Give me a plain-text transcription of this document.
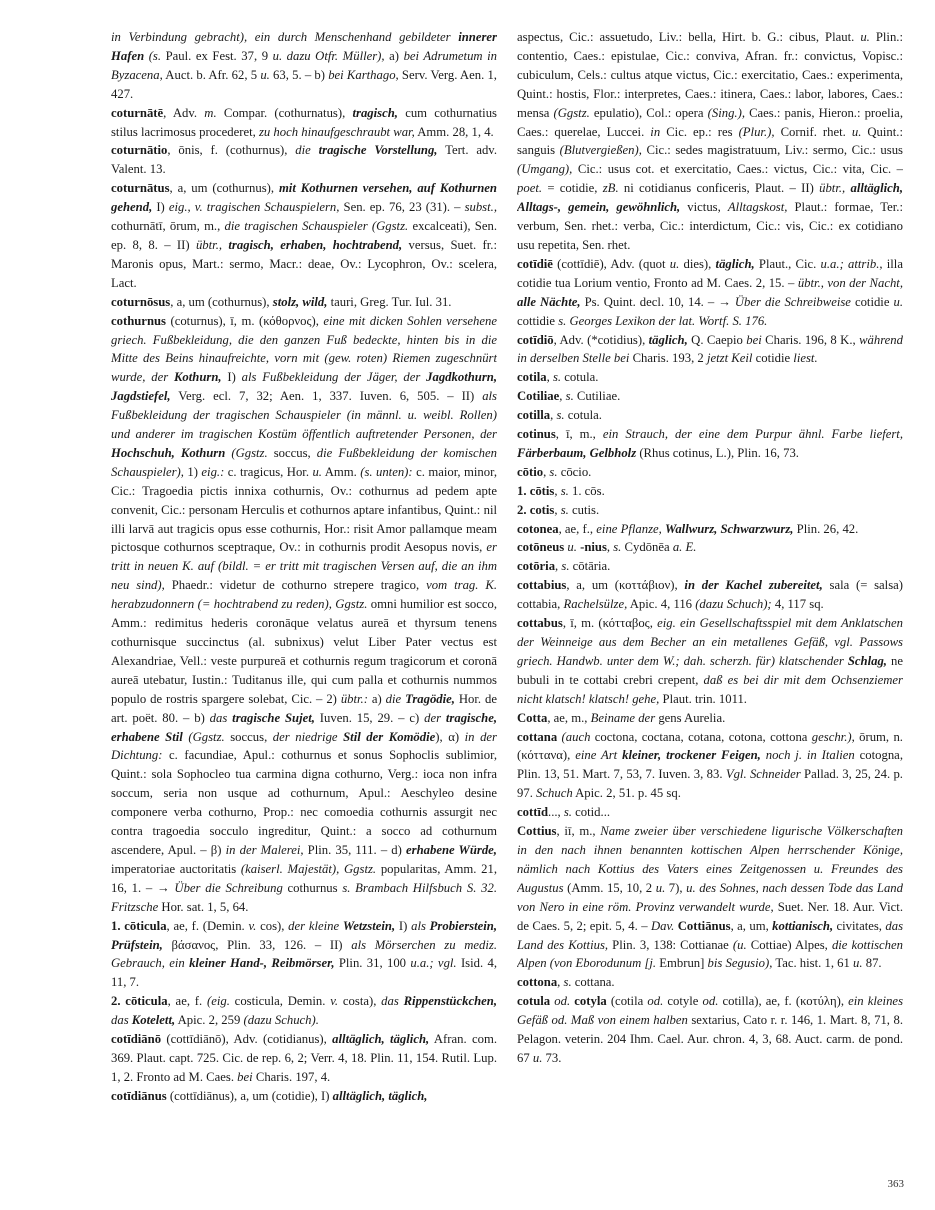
in Verbindung gebracht), ein durch Menschenhand gebildeter innerer Hafen (s. Paul. ex Fest. 37, 9 u. dazu Otfr. Müller), a) bei Adrumetum in Byzacena, Auct. b. Afr. 62, 5 u. 63, 5. – b) bei Karthago, Serv. Verg. Aen. 1, 427.
coturnātē, Adv. m. Compar. (cothurnatus), tragisch, cum cothurnatius stilus lacrimosus procederet, zu hoch hinaufgeschraubt war, Amm. 28, 1, 4.
coturnātio, ōnis, f. (cothurnus), die tragische Vorstellung, Tert. adv. Valent. 13.
coturnātus, a, um (cothurnus), mit Kothurnen versehen, auf Kothurnen gehend, I) eig., v. tragischen Schauspielern, Sen. ep. 76, 23 (31). – subst., cothurnātī, ōrum, m., die tragischen Schauspieler (Ggstz. excalceati), Sen. ep. 8, 8. – II) übtr., tragisch, erhaben, hochtrabend, versus, Suet. fr.: Maronis opus, Mart.: sermo, Macr.: deae, Ov.: Lycophron, Ov.: scelera, Lact.
coturnōsus, a, um (cothurnus), stolz, wild, tauri, Greg. Tur. Iul. 31.
cothurnus (coturnus), ī, m. (κόθορνος), eine mit dicken Sohlen versehene griech. Fußbekleidung, die den ganzen Fuß bedeckte, hinten bis in die Mitte des Beins hinaufreichte, vorn mit (gew. roten) Riemen zugeschnürt wurde, der Kothurn, I) als Fußbekleidung der Jäger, der Jagdkothurn, Jagdstiefel, Verg. ecl. 7, 32; Aen. 1, 337. Iuven. 6, 505. – II) als Fußbekleidung der tragischen Schauspieler (in männl. u. weibl. Rollen) und anderer im tragischen Kostüm öffentlich auftretender Personen, der Hochschuh, Kothurn (Ggstz. soccus, die Fußbekleidung der komischen Schauspieler), 1) eig.: c. tragicus, Hor. u. Amm. (s. unten): c. maior, minor, Cic.: Tragoedia pictis innixa cothurnis, Ov.: cothurnus ad pedem apte convenit, Cic.: personam Herculis et cothurnos aptare infantibus, Quint.: nil illi larvā aut tragicis opus esse cothurnis, Hor.: risit Amor pallamque meam pictosque cothurnos sceptraque, Ov.: in cothurnis prodit Aesopus novis, er tritt in neuen K. auf (bildl. = er tritt mit tragischen Versen auf, die an ihm neu sind), Phaedr.: videtur de cothurno strepere tragico, vom trag. K. herabzudonnern (= hochtrabend zu reden), Ggstz. omni humilior est socco, Amm.: redimitus hederis coronāque velatus aureā et thyrsum tenens cothurnisque succinctus (al. subnixus) velut Liber Pater vectus est Alexandriae, Vell.: veste purpureā et cothurnis regum tragicorum et coronā aureā utebatur, Iustin.: Tuditanus ille, qui cum palla et cothurnis nummos populo de rostris spargere solebat, Cic. – 2) übtr.: a) die Tragödie, Hor. de art. poët. 80. – b) das tragische Sujet, Iuven. 15, 29. – c) der tragische, erhabene Stil (Ggstz. soccus, der niedrige Stil der Komödie), α) in der Dichtung: c. facundiae, Apul.: cothurnus et sonus Sophoclis sublimior, Quint.: sola Sophocleo tua carmina digna cothurno, Verg.: ioca non infra soccum, seria non usque ad cothurnum, Apul.: Aeschyleo desine componere verba cothurno, Prop.: nec comoedia cothurnis assurgit nec contra tragoedia socculo ingreditur, Quint.: a socco ad cothurnum ascendere, Apul. – β) in der Malerei, Plin. 35, 111. – d) erhabene Würde, imperatoriae auctoritatis (kaiserl. Majestät), Ggstz. popularitas, Amm. 21, 16, 1. – → Über die Schreibung cothurnus s. Brambach Hilfsbuch S. 32. Fritzsche Hor. sat. 1, 5, 64.
1. cōticula, ae, f. (Demin. v. cos), der kleine Wetzstein, I) als Probierstein, Prüfstein, βάσανος, Plin. 33, 126. – II) als Mörserchen zu mediz. Gebrauch, ein kleiner Hand-, Reibmörser, Plin. 31, 100 u.a.; vgl. Isid. 4, 11, 7.
2. cōticula, ae, f. (eig. costicula, Demin. v. costa), das Rippenstückchen, das Kotelett, Apic. 2, 259 (dazu Schuch).
cotīdiānō (cottīdiānō), Adv. (cotidianus), alltäglich, täglich, Afran. com. 369. Plaut. capt. 725. Cic. de rep. 6, 2; Verr. 4, 18. Plin. 11, 154. Rutil. Lup. 1, 2. Fronto ad M. Caes. bei Charis. 197, 4.
cotīdiānus (cottīdiānus), a, um (cotidie), I) alltäglich, täglich,
aspectus, Cic.: assuetudo, Liv.: bella, Hirt. b. G.: cibus, Plaut. u. Plin.: contentio, Caes.: epistulae, Cic.: conviva, Afran. fr.: convictus, Vopisc.: cubiculum, Cels.: cultus atque victus, Cic.: exercitatio, Caes.: experimenta, Quint.: hostis, Flor.: interpretes, Caes.: itinera, Caes.: labor, labores, Caes.: mensa (Ggstz. epulatio), Col.: opera (Sing.), Caes.: panis, Hieron.: proelia, Caes.: querelae, Luccei. in Cic. ep.: res (Plur.), Cornif. rhet. u. Quint.: sanguis (Blutvergießen), Cic.: sedes magistratuum, Liv.: sermo, Cic.: usus (Umgang), Cic.: usus cot. et exercitatio, Caes.: victus, Cic.: vita, Cic. – poet. = cotidie, zB. ni cotidianus conficeris, Plaut. – II) übtr., alltäglich, Alltags-, gemein, gewöhnlich, victus, Alltagskost, Plaut.: formae, Ter.: verbum, Sen. rhet.: verba, Cic.: interdictum, Cic.: vis, Cic.: ex cotidiano usu repetita, Sen. rhet.
cotīdiē (cottīdiē), Adv. (quot u. dies), täglich, Plaut., Cic. u.a.; attrib., illa cotidie tua Lorium ventio, Fronto ad M. Caes. 2, 15. – übtr., von der Nacht, alle Nächte, Ps. Quint. decl. 10, 14. – → Über die Schreibweise cotidie u. cottidie s. Georges Lexikon der lat. Wortf. S. 176.
cotīdiō, Adv. (*cotidius), täglich, Q. Caepio bei Charis. 196, 8 K., während in derselben Stelle bei Charis. 193, 2 jetzt Keil cotidie liest.
cotila, s. cotula.
Cotiliae, s. Cutiliae.
cotilla, s. cotula.
cotinus, ī, m., ein Strauch, der eine dem Purpur ähnl. Farbe liefert, Färberbaum, Gelbholz (Rhus cotinus, L.), Plin. 16, 73.
cōtio, s. cōcio.
1. cōtis, s. 1. cōs.
2. cotis, s. cutis.
cotonea, ae, f., eine Pflanze, Wallwurz, Schwarzwurz, Plin. 26, 42.
cotōneus u. -nius, s. Cydōnēa a. E.
cotōria, s. cōtāria.
cottabius, a, um (κοττάβιον), in der Kachel zubereitet, sala (= salsa) cottabia, Rachelsülze, Apic. 4, 116 (dazu Schuch); 4, 117 sq.
cottabus, ī, m. (κότταβος, eig. ein Gesellschaftsspiel mit dem Anklatschen der Weinneige aus dem Becher an ein metallenes Gefäß, vgl. Passows griech. Handwb. unter dem W.; dah. scherzh. für) klatschender Schlag, ne bubuli in te cottabi crebri crepent, daß es bei dir mit dem Ochsenziemer nicht klatsch! klatsch! gehe, Plaut. trin. 1011.
Cotta, ae, m., Beiname der gens Aurelia.
cottana (auch coctona, coctana, cotana, cotona, cottona geschr.), ōrum, n. (κόττανα), eine Art kleiner, trockener Feigen, noch j. in Italien cotogna, Plin. 13, 51. Mart. 7, 53, 7. Iuven. 3, 83. Vgl. Schneider Pallad. 3, 25, 24. p. 97. Schuch Apic. 2, 51. p. 45 sq.
cottīd..., s. cotid...
Cottius, iī, m., Name zweier über verschiedene ligurische Völkerschaften in den nach ihnen benannten kottischen Alpen herrschender Könige, nämlich nach Kottius des Vaters eines Zeitgenossen u. Freundes des Augustus (Amm. 15, 10, 2 u. 7), u. des Sohnes, nach dessen Tode das Land von Nero in eine röm. Provinz verwandelt wurde, Suet. Ner. 18. Aur. Vict. de Caes. 5, 2; epit. 5, 4. – Dav. Cottiānus, a, um, kottianisch, civitates, das Land des Kottius, Plin. 3, 138: Cottianae (u. Cottiae) Alpes, die kottischen Alpen (von Eborodunum [j. Embrun] bis Segusio), Tac. hist. 1, 61 u. 87.
cottona, s. cottana.
cotula od. cotyla (cotila od. cotyle od. cotilla), ae, f. (κοτύλη), ein kleines Gefäß od. Maß von einem halben sextarius, Cato r. r. 146, 1. Mart. 8, 71, 8. Pelagon. veterin. 204 Ihm. Cael. Aur. chron. 4, 3, 68. Auct. carm. de pond. 67 u. 73.
363
